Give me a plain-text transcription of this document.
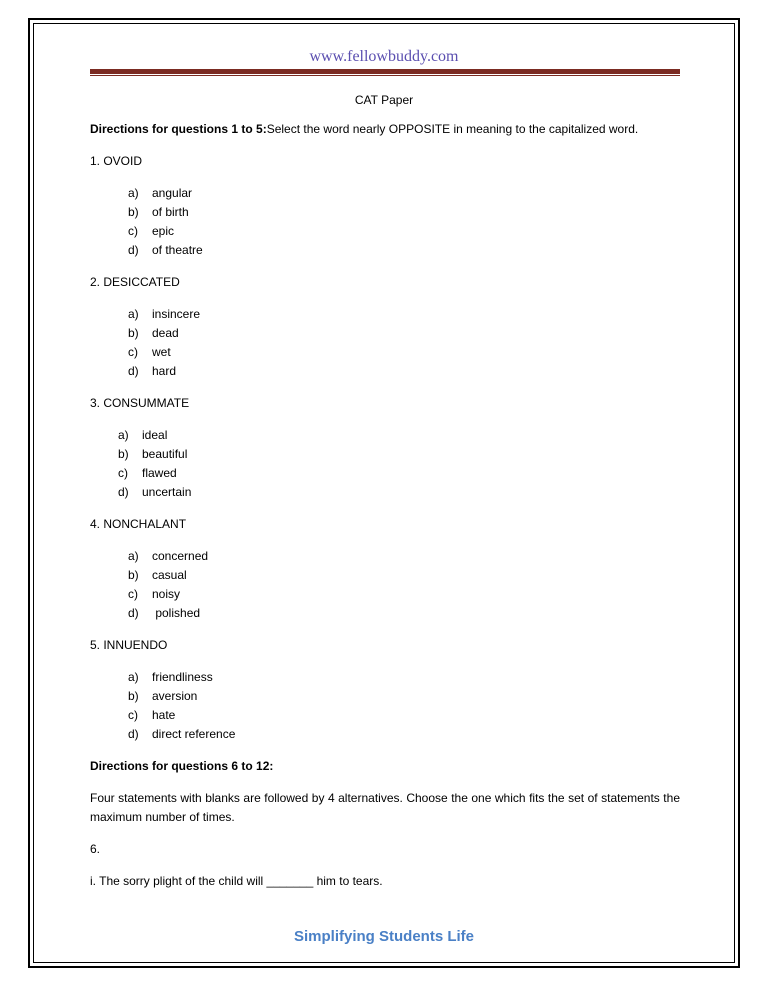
www.fellowbuddy.com
CAT Paper

Directions for questions 1 to 5:Select the word nearly OPPOSITE in meaning to the capitalized word.

1. OVOID

a) angular
b) of birth
c) epic
d) of theatre

2. DESICCATED

a) insincere
b) dead
c) wet
d) hard

3. CONSUMMATE

a) ideal
b) beautiful
c) flawed
d) uncertain

4. NONCHALANT

a) concerned
b) casual
c) noisy
d) polished

5. INNUENDO

a) friendliness
b) aversion
c) hate
d) direct reference

Directions for questions 6 to 12:

Four statements with blanks are followed by 4 alternatives. Choose the one which fits the set of statements the maximum number of times.

6.

i. The sorry plight of the child will _______ him to tears.

Simplifying Students Life
